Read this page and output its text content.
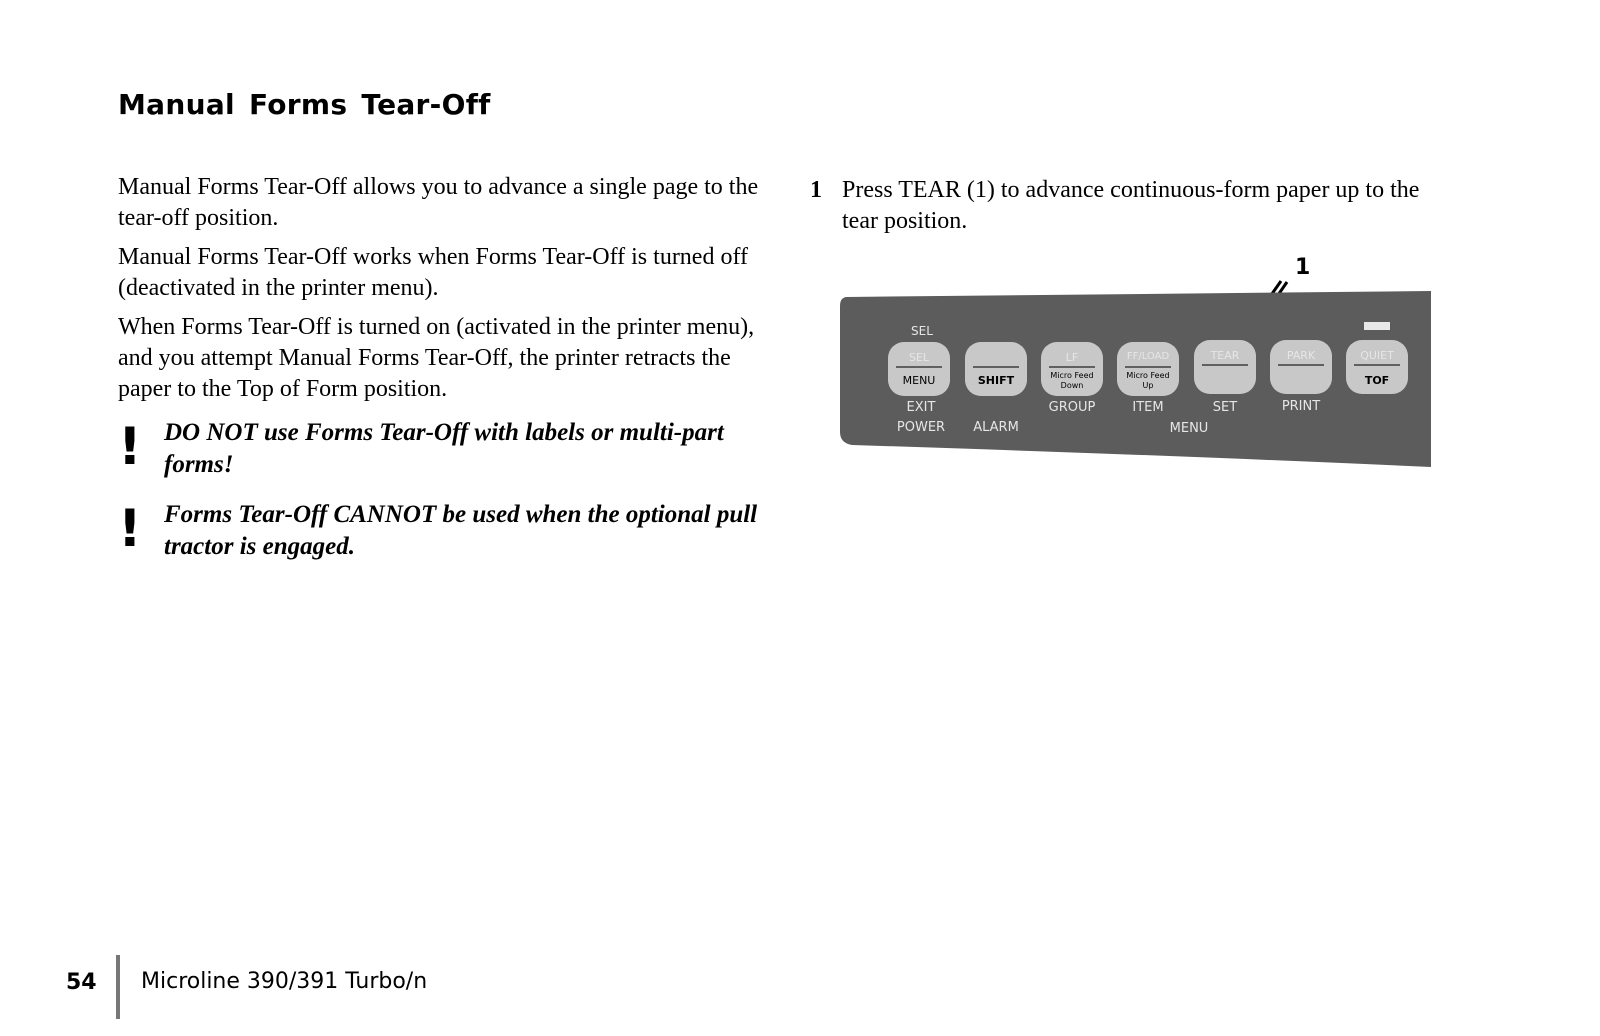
Manual Forms Tear-Off

Manual Forms Tear-Off allows you to advance a single page to the tear-off position.

Manual Forms Tear-Off works when Forms Tear-Off is turned off (deactivated in the printer menu).

When Forms Tear-Off is turned on (activated in the printer menu), and you attempt Manual Forms Tear-Off, the printer retracts the paper to the Top of Form position.

! DO NOT use Forms Tear-Off with labels or multi-part forms!
! Forms Tear-Off CANNOT be used when the optional pull tractor is engaged.
1 Press TEAR (1) to advance continuous-form paper up to the tear position.
1
SEL
SEL
MENU	SHIFT
LF
Micro Feed
Down
FF/LOAD
Micro Feed
Up
TEAR	PARK	QUIET
TOF
EXIT
POWER ALARM
GROUP	ITEM	SET	PRINT
MENU
54 Microline 390/391 Turbo/n
